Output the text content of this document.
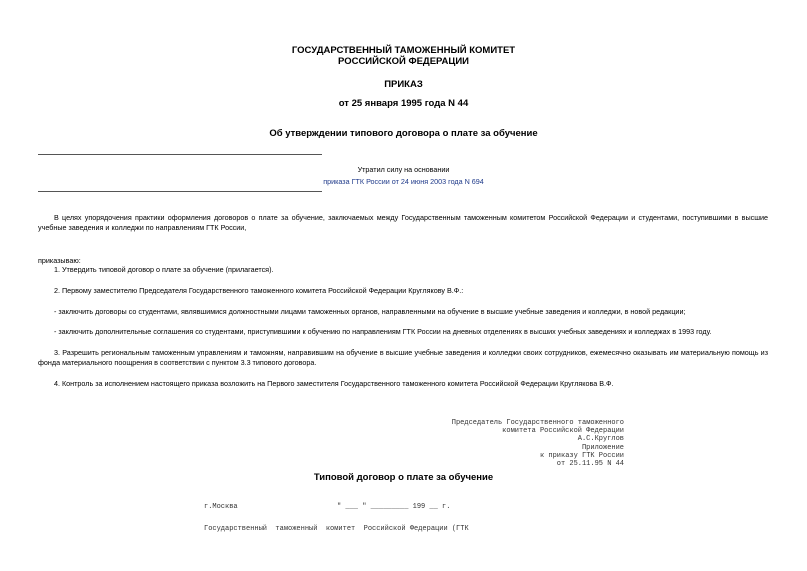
ГОСУДАРСТВЕННЫЙ ТАМОЖЕННЫЙ КОМИТЕТ
РОССИЙСКОЙ ФЕДЕРАЦИИ
ПРИКАЗ
от 25 января 1995 года N 44
Об утверждении типового договора о плате за обучение
Утратил силу на основании
приказа ГТК России от 24 июня 2003 года N 694
В целях упорядочения практики оформления договоров о плате за обучение, заключаемых между Государственным таможенным комитетом Российской Федерации и студентами, поступившими в высшие учебные заведения и колледжи по направлениям ГТК России,
приказываю:
1. Утвердить типовой договор о плате за обучение (прилагается).
2. Первому заместителю Председателя Государственного таможенного комитета Российской Федерации Круглякову В.Ф.:
- заключить договоры со студентами, являвшимися должностными лицами таможенных органов, направленными на обучение в высшие учебные заведения и колледжи, в новой редакции;
- заключить дополнительные соглашения со студентами, приступившими к обучению по направлениям ГТК России на дневных отделениях в высших учебных заведениях и колледжах в 1993 году.
3. Разрешить региональным таможенным управлениям и таможням, направившим на обучение в высшие учебные заведения и колледжи своих сотрудников, ежемесячно оказывать им материальную помощь из фонда материального поощрения в соответствии с пунктом 3.3 типового договора.
4. Контроль за исполнением настоящего приказа возложить на Первого заместителя Государственного таможенного комитета Российской Федерации Круглякова В.Ф.
Председатель Государственного таможенного
комитета Российской Федерации
А.С.Круглов
Приложение
к приказу ГТК России
от 25.11.95 N 44
Типовой договор о плате за обучение
г.Москва	" ___ " _________ 199 __ г.
Государственный  таможенный  комитет  Российской Федерации (ГТК
